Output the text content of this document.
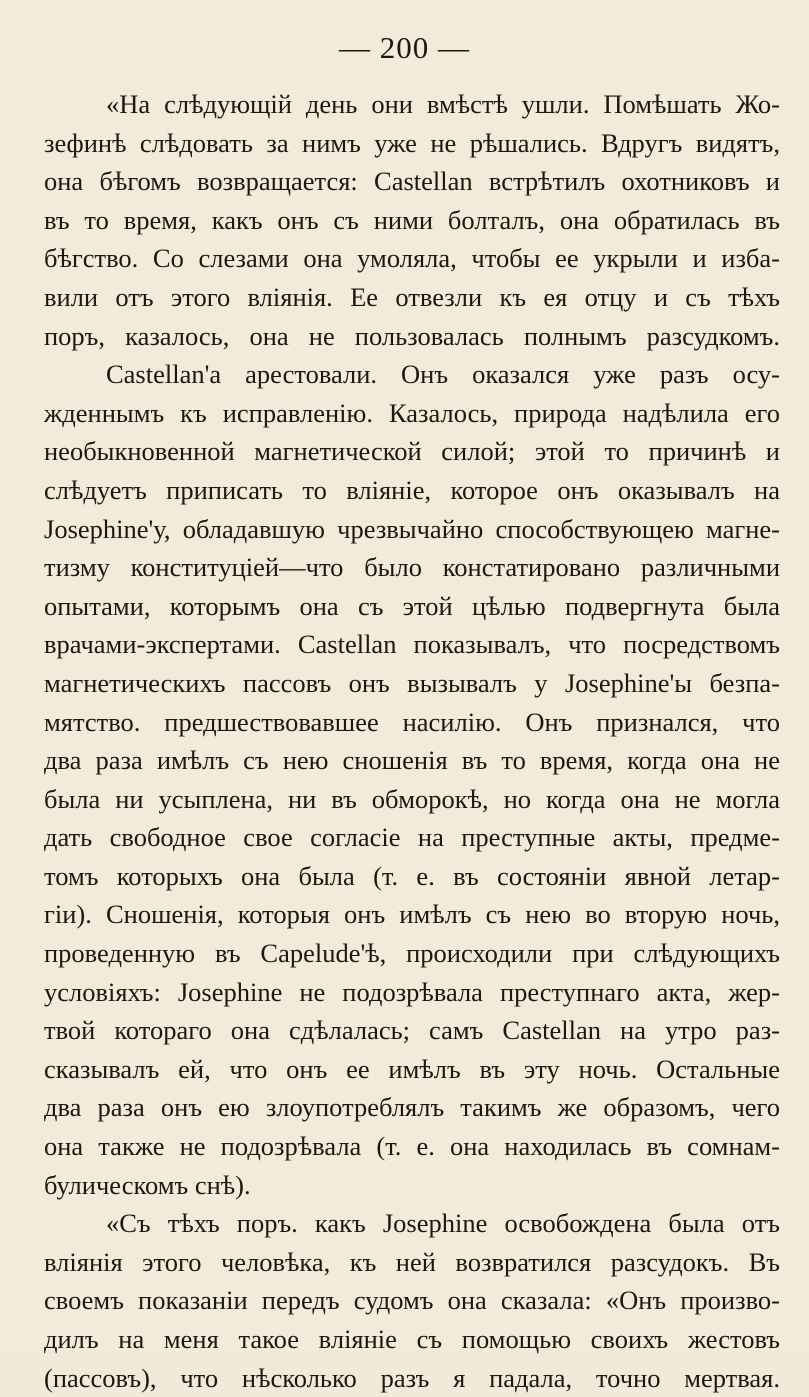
— 200 —
«На слѣдующій день они вмѣстѣ ушли. Помѣшать Жо-
зефинѣ слѣдовать за нимъ уже не рѣшались. Вдругъ видятъ,
она бѣгомъ возвращается: Castellan встрѣтилъ охотниковъ и
въ то время, какъ онъ съ ними болталъ, она обратилась въ
бѣгство. Со слезами она умоляла, чтобы ее укрыли и изба-
вили отъ этого вліянія. Ее отвезли къ ея отцу и съ тѣхъ
поръ, казалось, она не пользовалась полнымъ разсудкомъ.
Castellan'а арестовали. Онъ оказался уже разъ осу-
жденнымъ къ исправленію. Казалось, природа надѣлила его
необыкновенной магнетической силой; этой то причинѣ и
слѣдуетъ приписать то вліяніе, которое онъ оказывалъ на
Josephine'у, обладавшую чрезвычайно способствующею магне-
тизму конституціей—что было констатировано различными
опытами, которымъ она съ этой цѣлью подвергнута была
врачами-экспертами. Castellan показывалъ, что посредствомъ
магнетическихъ пассовъ онъ вызывалъ у Josephine'ы безпа-
мятство. предшествовавшее насилію. Онъ признался, что
два раза имѣлъ съ нею сношенія въ то время, когда она не
была ни усыплена, ни въ обморокѣ, но когда она не могла
дать свободное свое согласіе на преступные акты, предме-
томъ которыхъ она была (т. е. въ состояніи явной летар-
гіи). Сношенія, которыя онъ имѣлъ съ нею во вторую ночь,
проведенную въ Capelude'ѣ, происходили при слѣдующихъ
условіяхъ: Josephine не подозрѣвала преступнаго акта, жер-
твой котораго она сдѣлалась; самъ Castellan на утро раз-
сказывалъ ей, что онъ ее имѣлъ въ эту ночь. Остальные
два раза онъ ею злоупотреблялъ такимъ же образомъ, чего
она также не подозрѣвала (т. е. она находилась въ сомнам-
булическомъ снѣ).
«Съ тѣхъ поръ. какъ Josephine освобождена была отъ
вліянія этого человѣка, къ ней возвратился разсудокъ. Въ
своемъ показаніи передъ судомъ она сказала: «Онъ произво-
дилъ на меня такое вліяніе съ помощью своихъ жестовъ
(пассовъ), что нѣсколько разъ я падала, точно мертвая.
